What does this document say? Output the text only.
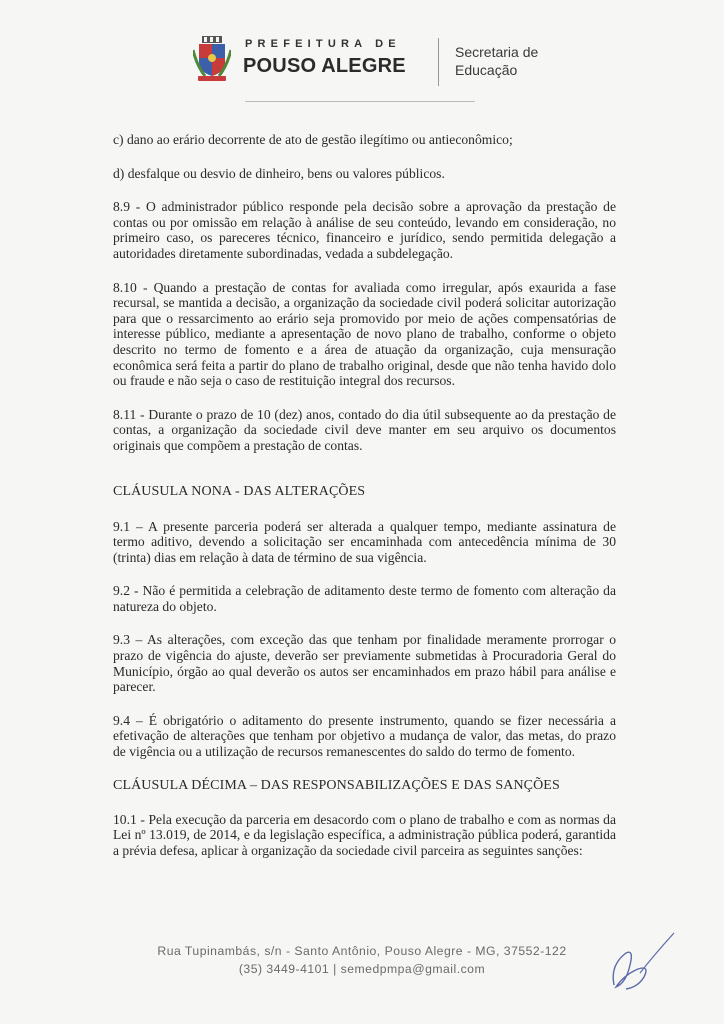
PREFEITURA DE
POUSO ALEGRE
Secretaria de
Educação

c) dano ao erário decorrente de ato de gestão ilegítimo ou antieconômico;

d) desfalque ou desvio de dinheiro, bens ou valores públicos.

8.9 - O administrador público responde pela decisão sobre a aprovação da prestação de contas ou por omissão em relação à análise de seu conteúdo, levando em consideração, no primeiro caso, os pareceres técnico, financeiro e jurídico, sendo permitida delegação a autoridades diretamente subordinadas, vedada a subdelegação.

8.10 - Quando a prestação de contas for avaliada como irregular, após exaurida a fase recursal, se mantida a decisão, a organização da sociedade civil poderá solicitar autorização para que o ressarcimento ao erário seja promovido por meio de ações compensatórias de interesse público, mediante a apresentação de novo plano de trabalho, conforme o objeto descrito no termo de fomento e a área de atuação da organização, cuja mensuração econômica será feita a partir do plano de trabalho original, desde que não tenha havido dolo ou fraude e não seja o caso de restituição integral dos recursos.

8.11 - Durante o prazo de 10 (dez) anos, contado do dia útil subsequente ao da prestação de contas, a organização da sociedade civil deve manter em seu arquivo os documentos originais que compõem a prestação de contas.

CLÁUSULA NONA - DAS ALTERAÇÕES

9.1 – A presente parceria poderá ser alterada a qualquer tempo, mediante assinatura de termo aditivo, devendo a solicitação ser encaminhada com antecedência mínima de 30 (trinta) dias em relação à data de término de sua vigência.

9.2 - Não é permitida a celebração de aditamento deste termo de fomento com alteração da natureza do objeto.

9.3 – As alterações, com exceção das que tenham por finalidade meramente prorrogar o prazo de vigência do ajuste, deverão ser previamente submetidas à Procuradoria Geral do Município, órgão ao qual deverão os autos ser encaminhados em prazo hábil para análise e parecer.

9.4 – É obrigatório o aditamento do presente instrumento, quando se fizer necessária a efetivação de alterações que tenham por objetivo a mudança de valor, das metas, do prazo de vigência ou a utilização de recursos remanescentes do saldo do termo de fomento.

CLÁUSULA DÉCIMA – DAS RESPONSABILIZAÇÕES E DAS SANÇÕES

10.1 - Pela execução da parceria em desacordo com o plano de trabalho e com as normas da Lei nº 13.019, de 2014, e da legislação específica, a administração pública poderá, garantida a prévia defesa, aplicar à organização da sociedade civil parceira as seguintes sanções:

Rua Tupinambás, s/n - Santo Antônio, Pouso Alegre - MG, 37552-122
(35) 3449-4101 | semedpmpa@gmail.com
